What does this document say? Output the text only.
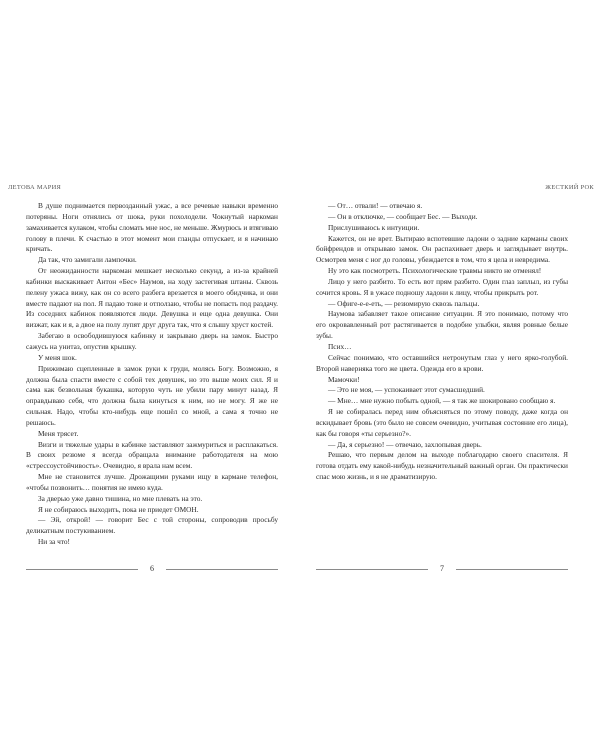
ЛЕТОВА МАРИЯ

В душе поднимается первозданный ужас, а все речевые навыки временно потеряны. Ноги отнялись от шока, руки похолодели. Чокнутый наркоман замахивается кулаком, чтобы сломать мне нос, не меньше. Жмурюсь и втягиваю голову в плечи. К счастью в этот момент мои гланды отпускает, и я начинаю кричать.

Да так, что замигали лампочки.

От неожиданности наркоман мешкает несколько секунд, а из-за крайней кабинки выскакивает Антон «Бес» Наумов, на ходу застегивая штаны. Сквозь пелену ужаса вижу, как он со всего разбега врезается в моего обидчика, и они вместе падают на пол. Я падаю тоже и отползаю, чтобы не попасть под раздачу. Из соседних кабинок появляются люди. Девушка и еще одна девушка. Они визжат, как и я, а двое на полу лупят друг друга так, что я слышу хруст костей.

Забегаю в освободившуюся кабинку и закрываю дверь на замок. Быстро сажусь на унитаз, опустив крышку.

У меня шок.

Прижимаю сцепленные в замок руки к груди, молясь Богу. Возможно, я должна была спасти вместе с собой тех девушек, но это выше моих сил. Я и сама как безвольная букашка, которую чуть не убили пару минут назад. Я оправдываю себя, что должна была кинуться к ним, но не могу. Я же не сильная. Надо, чтобы кто-нибудь еще пошёл со мной, а сама я точно не решаюсь.

Меня трясет.

Визги и тяжелые удары в кабинке заставляют зажмуриться и расплакаться. В своих резюме я всегда обращала внимание работодателя на мою «стрессоустойчивость». Очевидно, я врала нам всем.

Мне не становится лучше. Дрожащими руками ищу в кармане телефон, «чтобы позвонить… понятия не имею куда.

За дверью уже давно тишина, но мне плевать на это.

Я не собираюсь выходить, пока не приедет ОМОН.

— Эй, открой! — говорит Бес с той стороны, сопроводив просьбу деликатным постукиванием.

Ни за что!

6
ЖЕСТКИЙ РОК

— От… отвали! — отвечаю я.

— Он в отключке, — сообщает Бес. — Выходи.

Прислушиваюсь к интуиции.

Кажется, он не врет. Вытираю вспотевшие ладони о задние карманы своих бойфрендов и открываю замок. Он распахивает дверь и заглядывает внутрь. Осмотрев меня с ног до головы, убеждается в том, что я цела и невредима.

Ну это как посмотреть. Психологические травмы никто не отменял!

Лицо у него разбито. То есть вот прям разбито. Один глаз заплыл, из губы сочится кровь. Я в ужасе подношу ладони к лицу, чтобы прикрыть рот.

— Офиге-е-е-еть, — резюмирую сквозь пальцы.

Наумова забавляет такое описание ситуации. Я это понимаю, потому что его окровавленный рот растягивается в подобие улыбки, являя ровные белые зубы.

Псих…

Сейчас понимаю, что оставшийся нетронутым глаз у него ярко-голубой. Второй наверняка того же цвета. Одежда его в крови.

Мамочки!

— Это не моя, — успокаивает этот сумасшедший.

— Мне… мне нужно побыть одной, — я так же шокировано сообщаю я.

Я не собиралась перед ним объясняться по этому поводу, даже когда он вскидывает бровь (это было не совсем очевидно, учитывая состояние его лица), как бы говоря «ты серьезно?».

— Да, я серьезно! — отвечаю, захлопывая дверь.

Решаю, что первым делом на выходе поблагодарю своего спасителя. Я готова отдать ему какой-нибудь незначительный важный орган. Он практически спас мою жизнь, и я не драматизирую.

7
